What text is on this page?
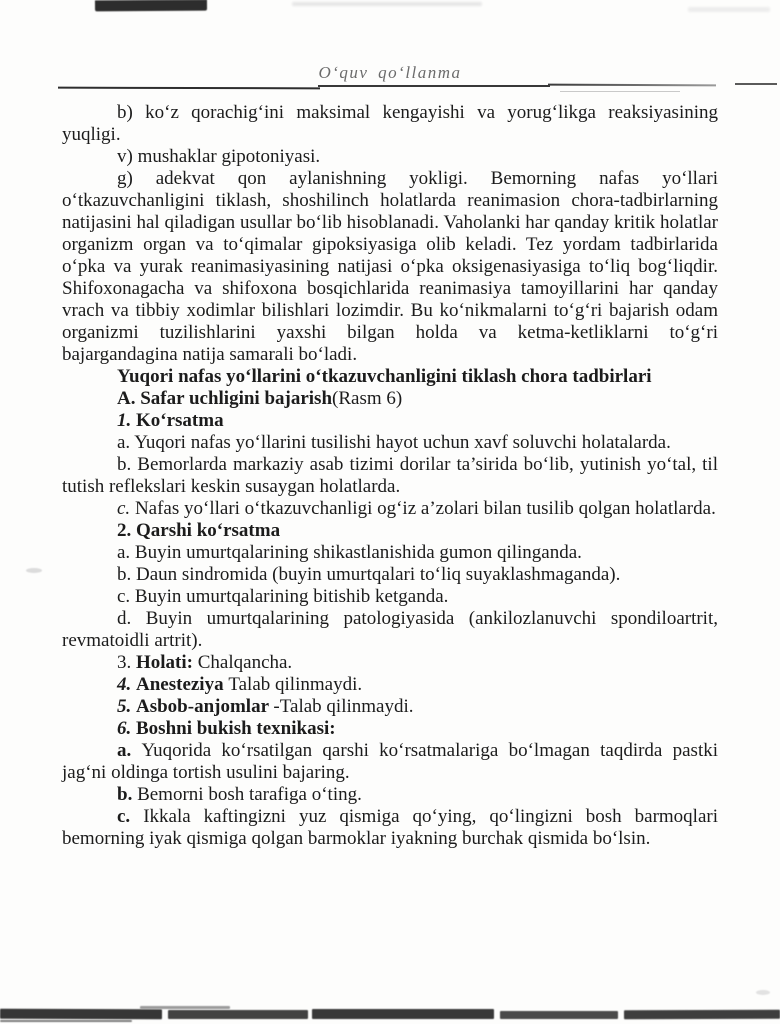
O‘quv qo‘llanma

b) ko‘z qorachig‘ini maksimal kengayishi va yorug‘likga reaksiyasining yuqligi.

v) mushaklar gipotoniyasi.

g) adekvat qon aylanishning yokligi. Bemorning nafas yo‘llari o‘tkazuvchanligini tiklash, shoshilinch holatlarda reanimasion chora-tadbirlarning natijasini hal qiladigan usullar bo‘lib hisoblanadi. Vaholanki har qanday kritik holatlar organizm organ va to‘qimalar gipoksiyasiga olib keladi. Tez yordam tadbirlarida o‘pka va yurak reanimasiyasining natijasi o‘pka oksigenasiyasiga to‘liq bog‘liqdir. Shifoxonagacha va shifoxona bosqichlarida reanimasiya tamoyillarini har qanday vrach va tibbiy xodimlar bilishlari lozimdir. Bu ko‘nikmalarni to‘g‘ri bajarish odam organizmi tuzilishlarini yaxshi bilgan holda va ketma-ketliklarni to‘g‘ri bajargandagina natija samarali bo‘ladi.

Yuqori nafas yo‘llarini o‘tkazuvchanligini tiklash chora tadbirlari

A. Safar uchligini bajarish(Rasm 6)

1. Ko‘rsatma

a. Yuqori nafas yo‘llarini tusilishi hayot uchun xavf soluvchi holatalarda.

b. Bemorlarda markaziy asab tizimi dorilar ta’sirida bo‘lib, yutinish yo‘tal, til tutish reflekslari keskin susaygan holatlarda.

c. Nafas yo‘llari o‘tkazuvchanligi og‘iz a’zolari bilan tusilib qolgan holatlarda.

2. Qarshi ko‘rsatma

a. Buyin umurtqalarining shikastlanishida gumon qilinganda.

b. Daun sindromida (buyin umurtqalari to‘liq suyaklashmaganda).

c. Buyin umurtqalarining bitishib ketganda.

d. Buyin umurtqalarining patologiyasida (ankilozlanuvchi spondiloartrit, revmatoidli artrit).

3. Holati: Chalqancha.

4. Anesteziya Talab qilinmaydi.

5. Asbob-anjomlar -Talab qilinmaydi.

6. Boshni bukish texnikasi:

a. Yuqorida ko‘rsatilgan qarshi ko‘rsatmalariga bo‘lmagan taqdirda pastki jag‘ni oldinga tortish usulini bajaring.

b. Bemorni bosh tarafiga o‘ting.

c. Ikkala kaftingizni yuz qismiga qo‘ying, qo‘lingizni bosh barmoqlari bemorning iyak qismiga qolgan barmoklar iyakning burchak qismida bo‘lsin.
